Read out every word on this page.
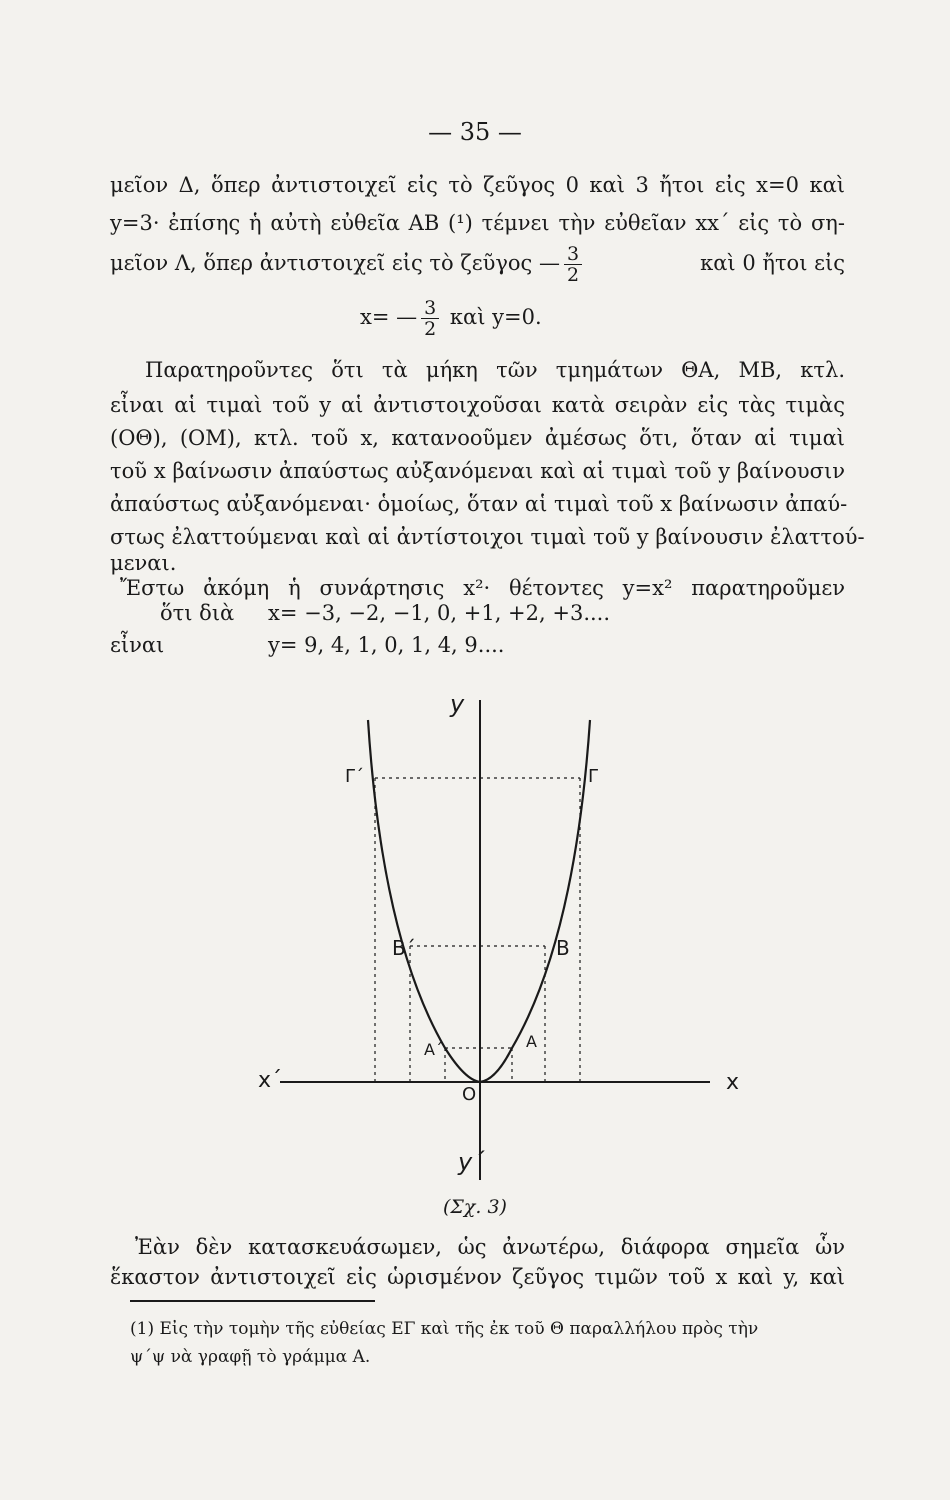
— 35 —
μεῖον Δ, ὅπερ ἀντιστοιχεῖ εἰς τὸ ζεῦγος 0 καὶ 3 ἤτοι εἰς x=0 καὶ
y=3· ἐπίσης ἡ αὐτὴ εὐθεῖα ΑΒ (¹) τέμνει τὴν εὐθεῖαν xx΄ εἰς τὸ ση-
μεῖον Λ, ὅπερ ἀντιστοιχεῖ εἰς τὸ ζεῦγος — $\frac{3}{2}$	καὶ 0 ἤτοι εἰς
x= — $\frac{3}{2}$ καὶ y=0.
Παρατηροῦντες ὅτι τὰ μήκη τῶν τμημάτων ΘΑ, ΜΒ, κτλ.
εἶναι αἱ τιμαὶ τοῦ y αἱ ἀντιστοιχοῦσαι κατὰ σειρὰν εἰς τὰς τιμὰς
(ΟΘ), (ΟΜ), κτλ. τοῦ x, κατανοοῦμεν ἀμέσως ὅτι, ὅταν αἱ τιμαὶ
τοῦ x βαίνωσιν ἀπαύστως αὐξανόμεναι καὶ αἱ τιμαὶ τοῦ y βαίνουσιν
ἀπαύστως αὐξανόμεναι· ὁμοίως, ὅταν αἱ τιμαὶ τοῦ x βαίνωσιν ἀπαύ-
στως ἐλαττούμεναι καὶ αἱ ἀντίστοιχοι τιμαὶ τοῦ y βαίνουσιν ἐλαττού-
μεναι.
Ἔστω ἀκόμη ἡ συνάρτησις x²· θέτοντες y=x² παρατηροῦμεν
ὅτι διὰ x= −3, −2, −1, 0, +1, +2, +3....
εἶναι	y= 9, 4, 1, 0, 1, 4, 9....
y
Γ΄	Γ
Β΄	Β
Α΄	Α
x΄	x
O
y΄
(Σχ. 3)
Ἐὰν δὲν κατασκευάσωμεν, ὡς ἀνωτέρω, διάφορα σημεῖα ὧν
ἕκαστον ἀντιστοιχεῖ εἰς ὡρισμένον ζεῦγος τιμῶν τοῦ x καὶ y, καὶ
(1) Εἰς τὴν τομὴν τῆς εὐθείας ΕΓ καὶ τῆς ἐκ τοῦ Θ παραλλήλου πρὸς τὴν
ψ΄ψ νὰ γραφῇ τὸ γράμμα Α.
